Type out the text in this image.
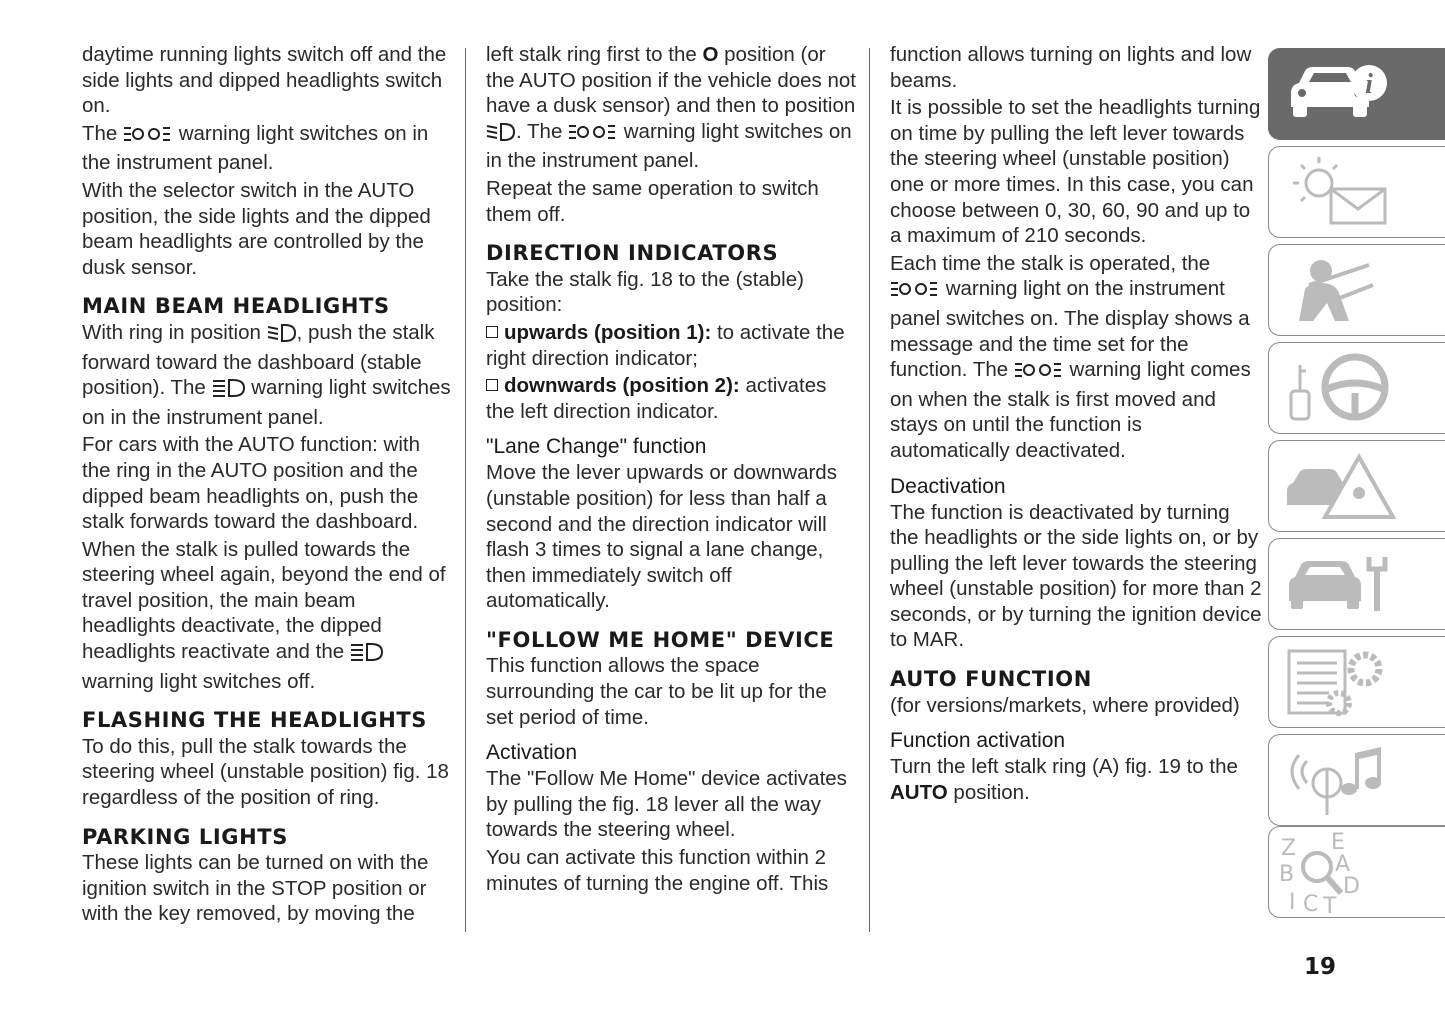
daytime running lights switch off and the side lights and dipped headlights switch on.

The  warning light switches on in the instrument panel.

With the selector switch in the AUTO position, the side lights and the dipped beam headlights are controlled by the dusk sensor.

MAIN BEAM HEADLIGHTS

With ring in position , push the stalk forward toward the dashboard (stable position). The  warning light switches on in the instrument panel.

For cars with the AUTO function: with the ring in the AUTO position and the dipped beam headlights on, push the stalk forwards toward the dashboard.

When the stalk is pulled towards the steering wheel again, beyond the end of travel position, the main beam headlights deactivate, the dipped headlights reactivate and the  warning light switches off.

FLASHING THE HEADLIGHTS

To do this, pull the stalk towards the steering wheel (unstable position) fig. 18 regardless of the position of ring.

PARKING LIGHTS

These lights can be turned on with the ignition switch in the STOP position or with the key removed, by moving the

left stalk ring first to the O position (or the AUTO position if the vehicle does not have a dusk sensor) and then to position . The  warning light switches on in the instrument panel.

Repeat the same operation to switch them off.

DIRECTION INDICATORS

Take the stalk fig. 18 to the (stable) position:

upwards (position 1): to activate the right direction indicator;

downwards (position 2): activates the left direction indicator.

"Lane Change" function

Move the lever upwards or downwards (unstable position) for less than half a second and the direction indicator will flash 3 times to signal a lane change, then immediately switch off automatically.

"FOLLOW ME HOME" DEVICE

This function allows the space surrounding the car to be lit up for the set period of time.

Activation

The "Follow Me Home" device activates by pulling the fig. 18 lever all the way towards the steering wheel.

You can activate this function within 2 minutes of turning the engine off. This

function allows turning on lights and low beams.

It is possible to set the headlights turning on time by pulling the left lever towards the steering wheel (unstable position) one or more times. In this case, you can choose between 0, 30, 60, 90 and up to a maximum of 210 seconds.

Each time the stalk is operated, the  warning light on the instrument panel switches on. The display shows a message and the time set for the function. The  warning light comes on when the stalk is first moved and stays on until the function is automatically deactivated.

Deactivation

The function is deactivated by turning the headlights or the side lights on, or by pulling the left lever towards the steering wheel (unstable position) for more than 2 seconds, or by turning the ignition device to MAR.

AUTO FUNCTION

(for versions/markets, where provided)

Function activation

Turn the left stalk ring (A) fig. 19 to the AUTO position.

i
Z E
A
D
B
I C T
19
